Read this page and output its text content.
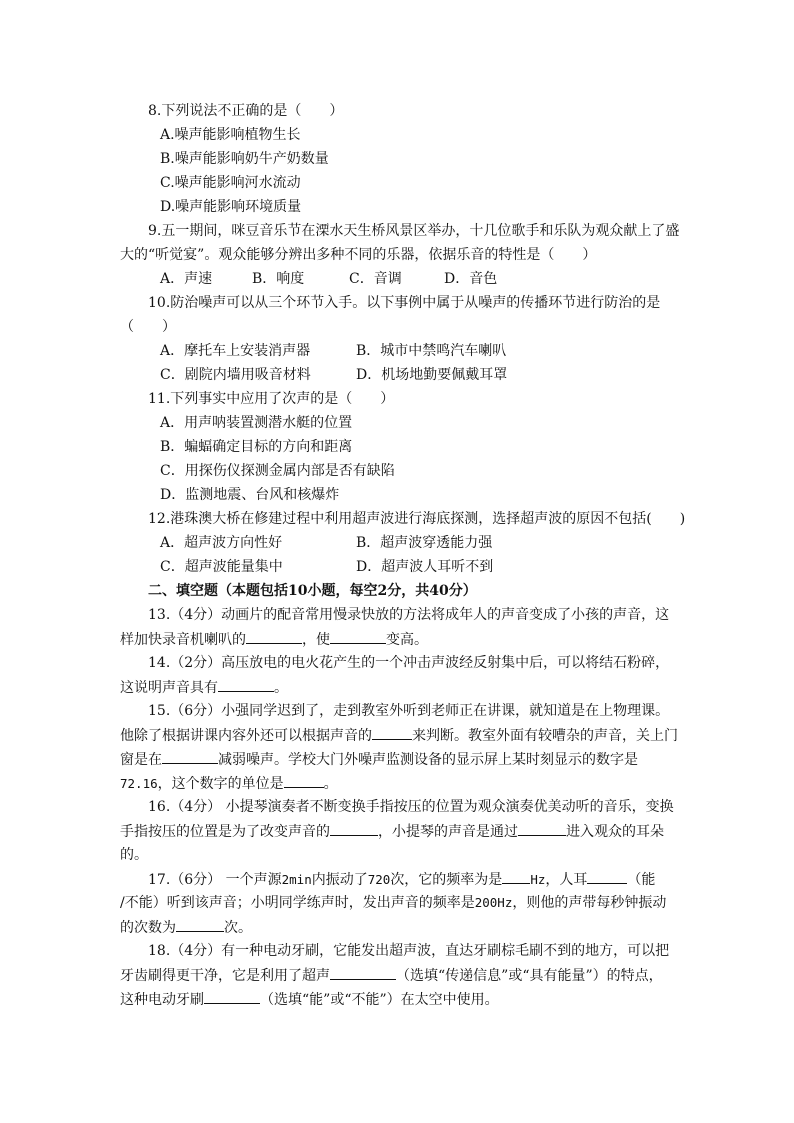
8.下列说法不正确的是（　　）
A.噪声能影响植物生长
B.噪声能影响奶牛产奶数量
C.噪声能影响河水流动
D.噪声能影响环境质量
9.五一期间，咪豆音乐节在溧水天生桥风景区举办，十几位歌手和乐队为观众献上了盛
大的“听觉宴”。观众能够分辨出多种不同的乐器，依据乐音的特性是（　　）
A．声速	B．响度	C．音调	D．音色
10.防治噪声可以从三个环节入手。以下事例中属于从噪声的传播环节进行防治的是
（　　）
A．摩托车上安装消声器	B．城市中禁鸣汽车喇叭
C．剧院内墙用吸音材料	D．机场地勤要佩戴耳罩
11.下列事实中应用了次声的是（　　）
A．用声呐装置测潜水艇的位置
B．蝙蝠确定目标的方向和距离
C．用探伤仪探测金属内部是否有缺陷
D．监测地震、台风和核爆炸
12.港珠澳大桥在修建过程中利用超声波进行海底探测，选择超声波的原因不包括(　　)
A．超声波方向性好	B．超声波穿透能力强
C．超声波能量集中	D．超声波人耳听不到
二、填空题（本题包括10小题，每空2分，共40分）
13.（4分）动画片的配音常用慢录快放的方法将成年人的声音变成了小孩的声音，这
样加快录音机喇叭的	，使	变高。
14.（2分）高压放电的电火花产生的一个冲击声波经反射集中后，可以将结石粉碎，
这说明声音具有	。
15.（6分）小强同学迟到了，走到教室外听到老师正在讲课，就知道是在上物理课。
他除了根据讲课内容外还可以根据声音的	来判断。教室外面有较嘈杂的声音，关上门
窗是在	减弱噪声。学校大门外噪声监测设备的显示屏上某时刻显示的数字是
72.16，这个数字的单位是	。
16.（4分） 小提琴演奏者不断变换手指按压的位置为观众演奏优美动听的音乐，变换
手指按压的位置是为了改变声音的	，小提琴的声音是通过	进入观众的耳朵
的。
17.（6分） 一个声源2min内振动了720次，它的频率为是 Hz，人耳	（能
/不能）听到该声音；小明同学练声时，发出声音的频率是200Hz，则他的声带每秒钟振动
的次数为	次。
18.（4分）有一种电动牙刷，它能发出超声波，直达牙刷棕毛刷不到的地方，可以把
牙齿刷得更干净，它是利用了超声	（选填“传递信息”或“具有能量”）的特点，
这种电动牙刷	（选填“能”或“不能”）在太空中使用。
